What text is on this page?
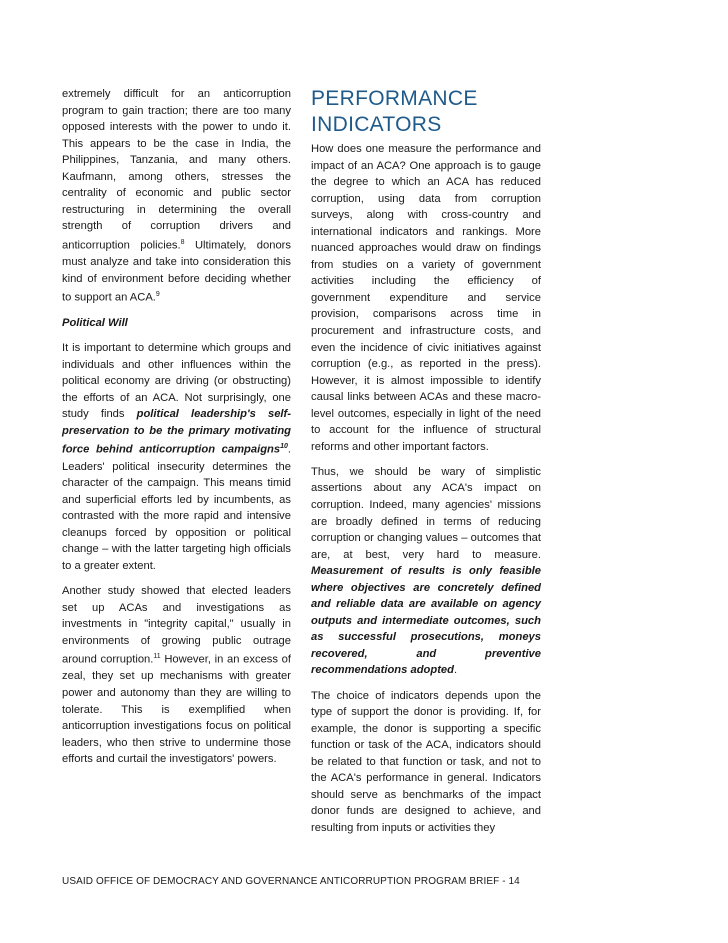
extremely difficult for an anticorruption program to gain traction; there are too many opposed interests with the power to undo it. This appears to be the case in India, the Philippines, Tanzania, and many others. Kaufmann, among others, stresses the centrality of economic and public sector restructuring in determining the overall strength of corruption drivers and anticorruption policies.$^8$ Ultimately, donors must analyze and take into consideration this kind of environment before deciding whether to support an ACA.$^9$

Political Will

It is important to determine which groups and individuals and other influences within the political economy are driving (or obstructing) the efforts of an ACA. Not surprisingly, one study finds political leadership's self-preservation to be the primary motivating force behind anticorruption campaigns$^{10}$. Leaders' political insecurity determines the character of the campaign. This means timid and superficial efforts led by incumbents, as contrasted with the more rapid and intensive cleanups forced by opposition or political change – with the latter targeting high officials to a greater extent.

Another study showed that elected leaders set up ACAs and investigations as investments in "integrity capital," usually in environments of growing public outrage around corruption.$^{11}$ However, in an excess of zeal, they set up mechanisms with greater power and autonomy than they are willing to tolerate. This is exemplified when anticorruption investigations focus on political leaders, who then strive to undermine those efforts and curtail the investigators' powers.

PERFORMANCE
INDICATORS

How does one measure the performance and impact of an ACA? One approach is to gauge the degree to which an ACA has reduced corruption, using data from corruption surveys, along with cross-country and international indicators and rankings. More nuanced approaches would draw on findings from studies on a variety of government activities including the efficiency of government expenditure and service provision, comparisons across time in procurement and infrastructure costs, and even the incidence of civic initiatives against corruption (e.g., as reported in the press). However, it is almost impossible to identify causal links between ACAs and these macro-level outcomes, especially in light of the need to account for the influence of structural reforms and other important factors.

Thus, we should be wary of simplistic assertions about any ACA's impact on corruption. Indeed, many agencies' missions are broadly defined in terms of reducing corruption or changing values – outcomes that are, at best, very hard to measure. Measurement of results is only feasible where objectives are concretely defined and reliable data are available on agency outputs and intermediate outcomes, such as successful prosecutions, moneys recovered, and preventive recommendations adopted.

The choice of indicators depends upon the type of support the donor is providing. If, for example, the donor is supporting a specific function or task of the ACA, indicators should be related to that function or task, and not to the ACA's performance in general. Indicators should serve as benchmarks of the impact donor funds are designed to achieve, and resulting from inputs or activities they

USAID OFFICE OF DEMOCRACY AND GOVERNANCE ANTICORRUPTION PROGRAM BRIEF - 14
